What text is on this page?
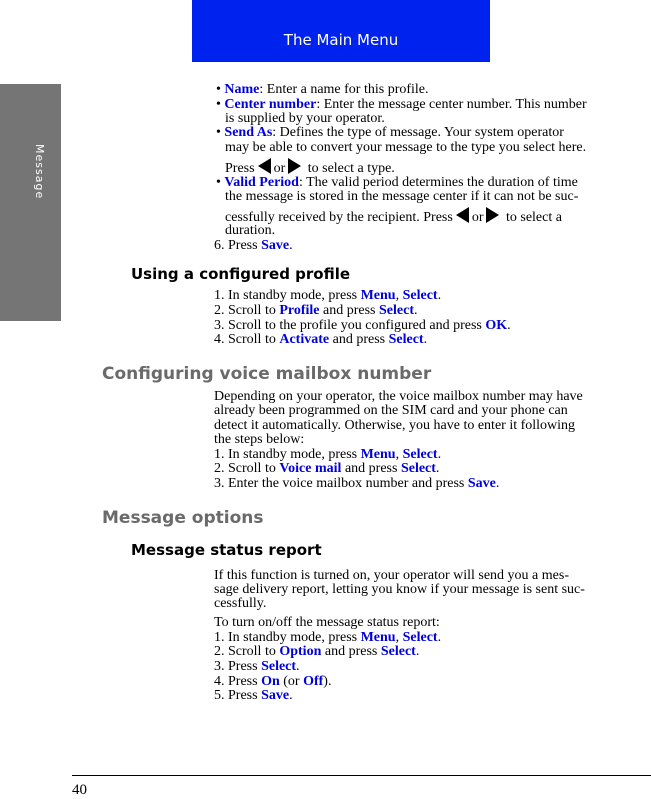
The Main Menu
Message

• Name: Enter a name for this profile.

• Center number: Enter the message center number. This number

is supplied by your operator.

• Send As: Defines the type of message. Your system operator

may be able to convert your message to the type you select here.

Press or to select a type.

• Valid Period: The valid period determines the duration of time

the message is stored in the message center if it can not be suc-

cessfully received by the recipient. Press or to select a

duration.

6. Press Save.

Using a configured profile

1. In standby mode, press Menu, Select.

2. Scroll to Profile and press Select.

3. Scroll to the profile you configured and press OK.

4. Scroll to Activate and press Select.

Configuring voice mailbox number

Depending on your operator, the voice mailbox number may have

already been programmed on the SIM card and your phone can

detect it automatically. Otherwise, you have to enter it following

the steps below:

1. In standby mode, press Menu, Select.

2. Scroll to Voice mail and press Select.

3. Enter the voice mailbox number and press Save.

Message options
Message status report

If this function is turned on, your operator will send you a mes-

sage delivery report, letting you know if your message is sent suc-

cessfully.

To turn on/off the message status report:

1. In standby mode, press Menu, Select.

2. Scroll to Option and press Select.

3. Press Select.

4. Press On (or Off).

5. Press Save.

40
